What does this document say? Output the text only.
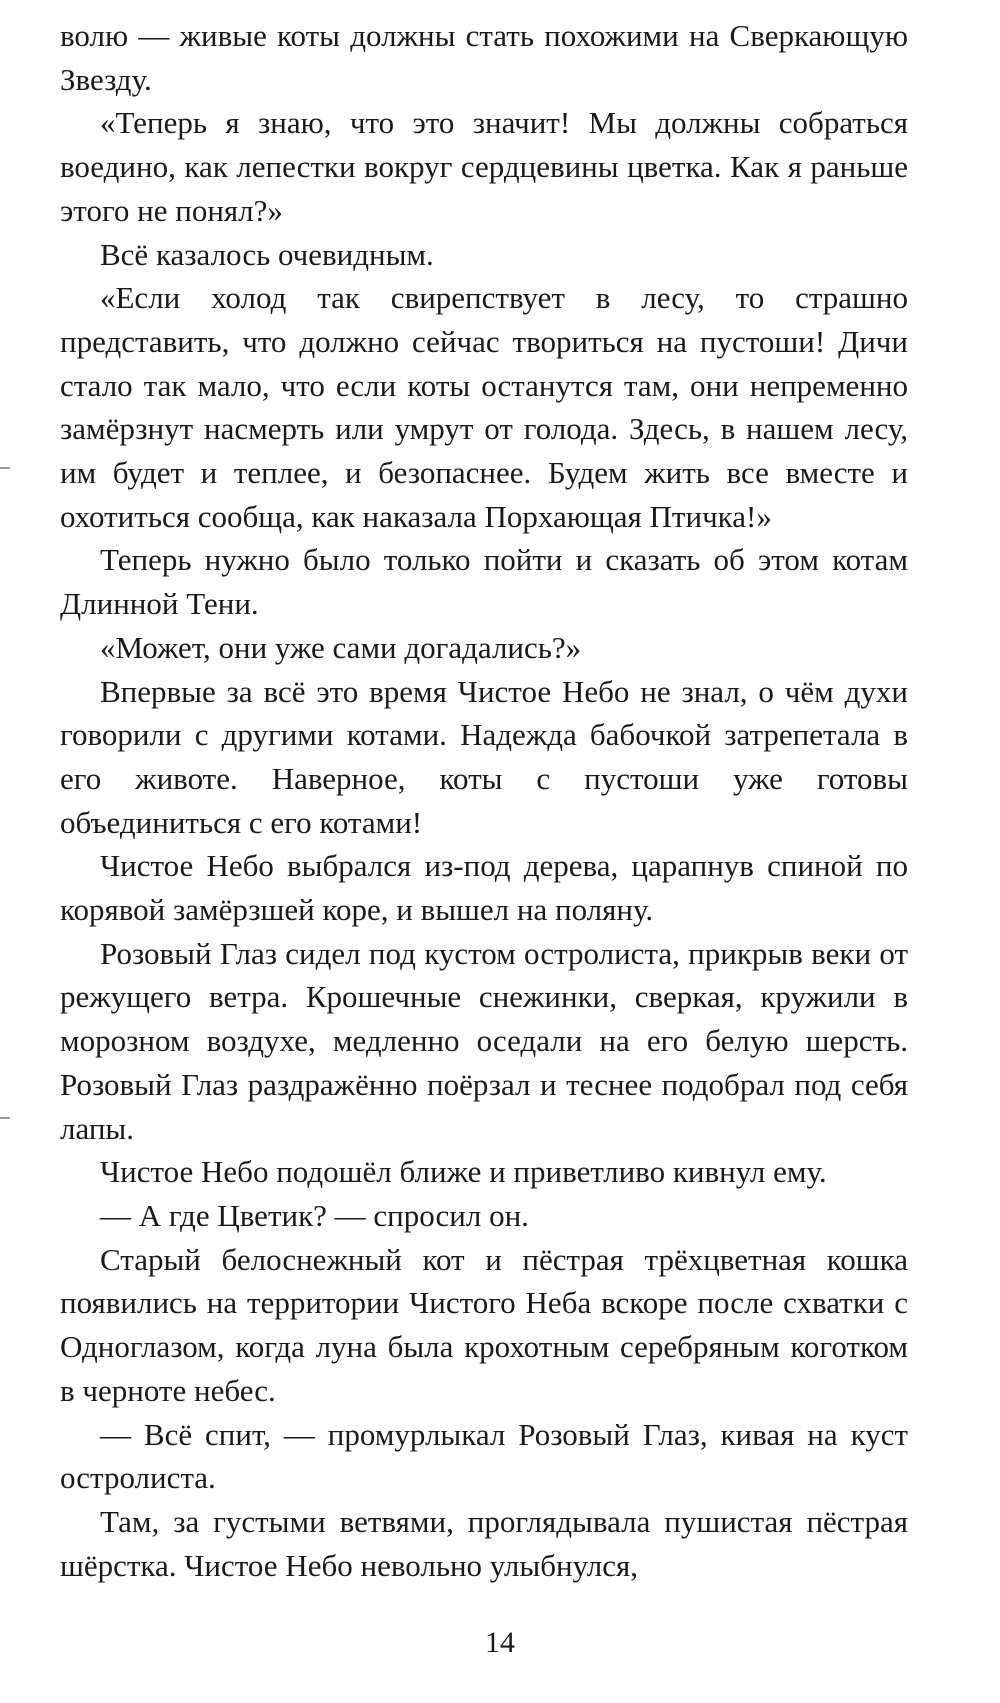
волю — живые коты должны стать похожими на Сверкающую Звезду.

«Теперь я знаю, что это значит! Мы должны собраться воедино, как лепестки вокруг сердцевины цветка. Как я раньше этого не понял?»

Всё казалось очевидным.

«Если холод так свирепствует в лесу, то страшно представить, что должно сейчас твориться на пустоши! Дичи стало так мало, что если коты останутся там, они непременно замёрзнут насмерть или умрут от голода. Здесь, в нашем лесу, им будет и теплее, и безопаснее. Будем жить все вместе и охотиться сообща, как наказала Порхающая Птичка!»

Теперь нужно было только пойти и сказать об этом котам Длинной Тени.

«Может, они уже сами догадались?»

Впервые за всё это время Чистое Небо не знал, о чём духи говорили с другими котами. Надежда бабочкой затрепетала в его животе. Наверное, коты с пустоши уже готовы объединиться с его котами!

Чистое Небо выбрался из-под дерева, царапнув спиной по корявой замёрзшей коре, и вышел на поляну.

Розовый Глаз сидел под кустом остролиста, прикрыв веки от режущего ветра. Крошечные снежинки, сверкая, кружили в морозном воздухе, медленно оседали на его белую шерсть. Розовый Глаз раздражённо поёрзал и теснее подобрал под себя лапы.

Чистое Небо подошёл ближе и приветливо кивнул ему.

— А где Цветик? — спросил он.

Старый белоснежный кот и пёстрая трёхцветная кошка появились на территории Чистого Неба вскоре после схватки с Одноглазом, когда луна была крохотным серебряным коготком в черноте небес.

— Всё спит, — промурлыкал Розовый Глаз, кивая на куст остролиста.

Там, за густыми ветвями, проглядывала пушистая пёстрая шёрстка. Чистое Небо невольно улыбнулся,

14
